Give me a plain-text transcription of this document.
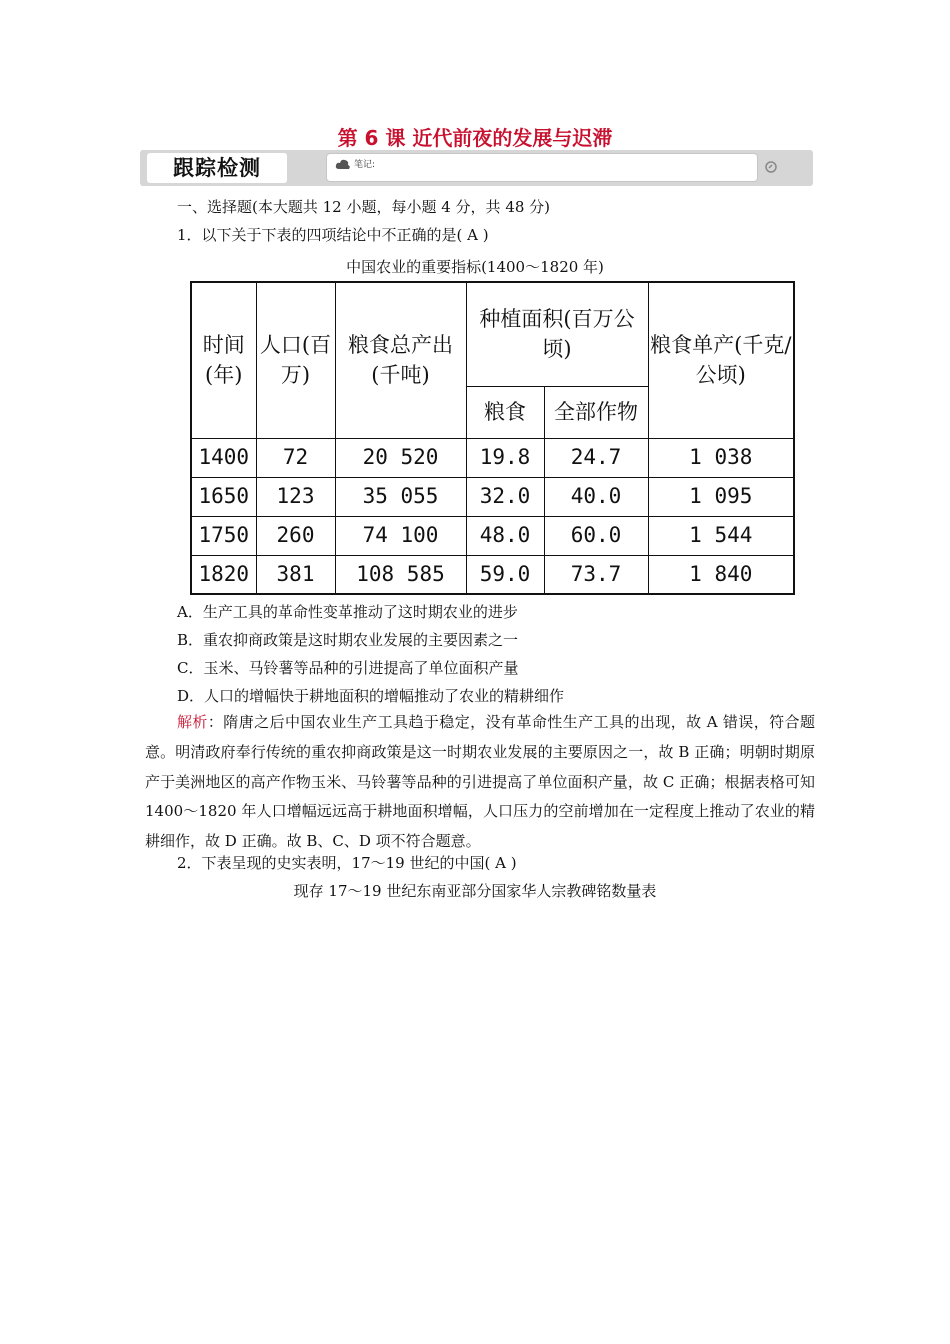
第 6 课 近代前夜的发展与迟滞
跟踪检测	笔记:
一、选择题(本大题共 12 小题，每小题 4 分，共 48 分)
1．以下关于下表的四项结论中不正确的是( A )
中国农业的重要指标(1400～1820 年)
时间(年)	人口(百万)	粮食总产出(千吨)	种植面积(百万公顷)		粮食单产(千克/公顷)
			粮食	全部作物	
1400	72	20 520	19.8	24.7	1 038
1650	123	35 055	32.0	40.0	1 095
1750	260	74 100	48.0	60.0	1 544
1820	381	108 585	59.0	73.7	1 840
A．生产工具的革命性变革推动了这时期农业的进步
B．重农抑商政策是这时期农业发展的主要因素之一
C．玉米、马铃薯等品种的引进提高了单位面积产量
D．人口的增幅快于耕地面积的增幅推动了农业的精耕细作
解析：隋唐之后中国农业生产工具趋于稳定，没有革命性生产工具的出现，故 A 错误，符合题意。明清政府奉行传统的重农抑商政策是这一时期农业发展的主要原因之一，故 B 正确；明朝时期原产于美洲地区的高产作物玉米、马铃薯等品种的引进提高了单位面积产量，故 C 正确；根据表格可知 1400～1820 年人口增幅远远高于耕地面积增幅，人口压力的空前增加在一定程度上推动了农业的精耕细作，故 D 正确。故 B、C、D 项不符合题意。
2．下表呈现的史实表明，17～19 世纪的中国( A )
现存 17～19 世纪东南亚部分国家华人宗教碑铭数量表
